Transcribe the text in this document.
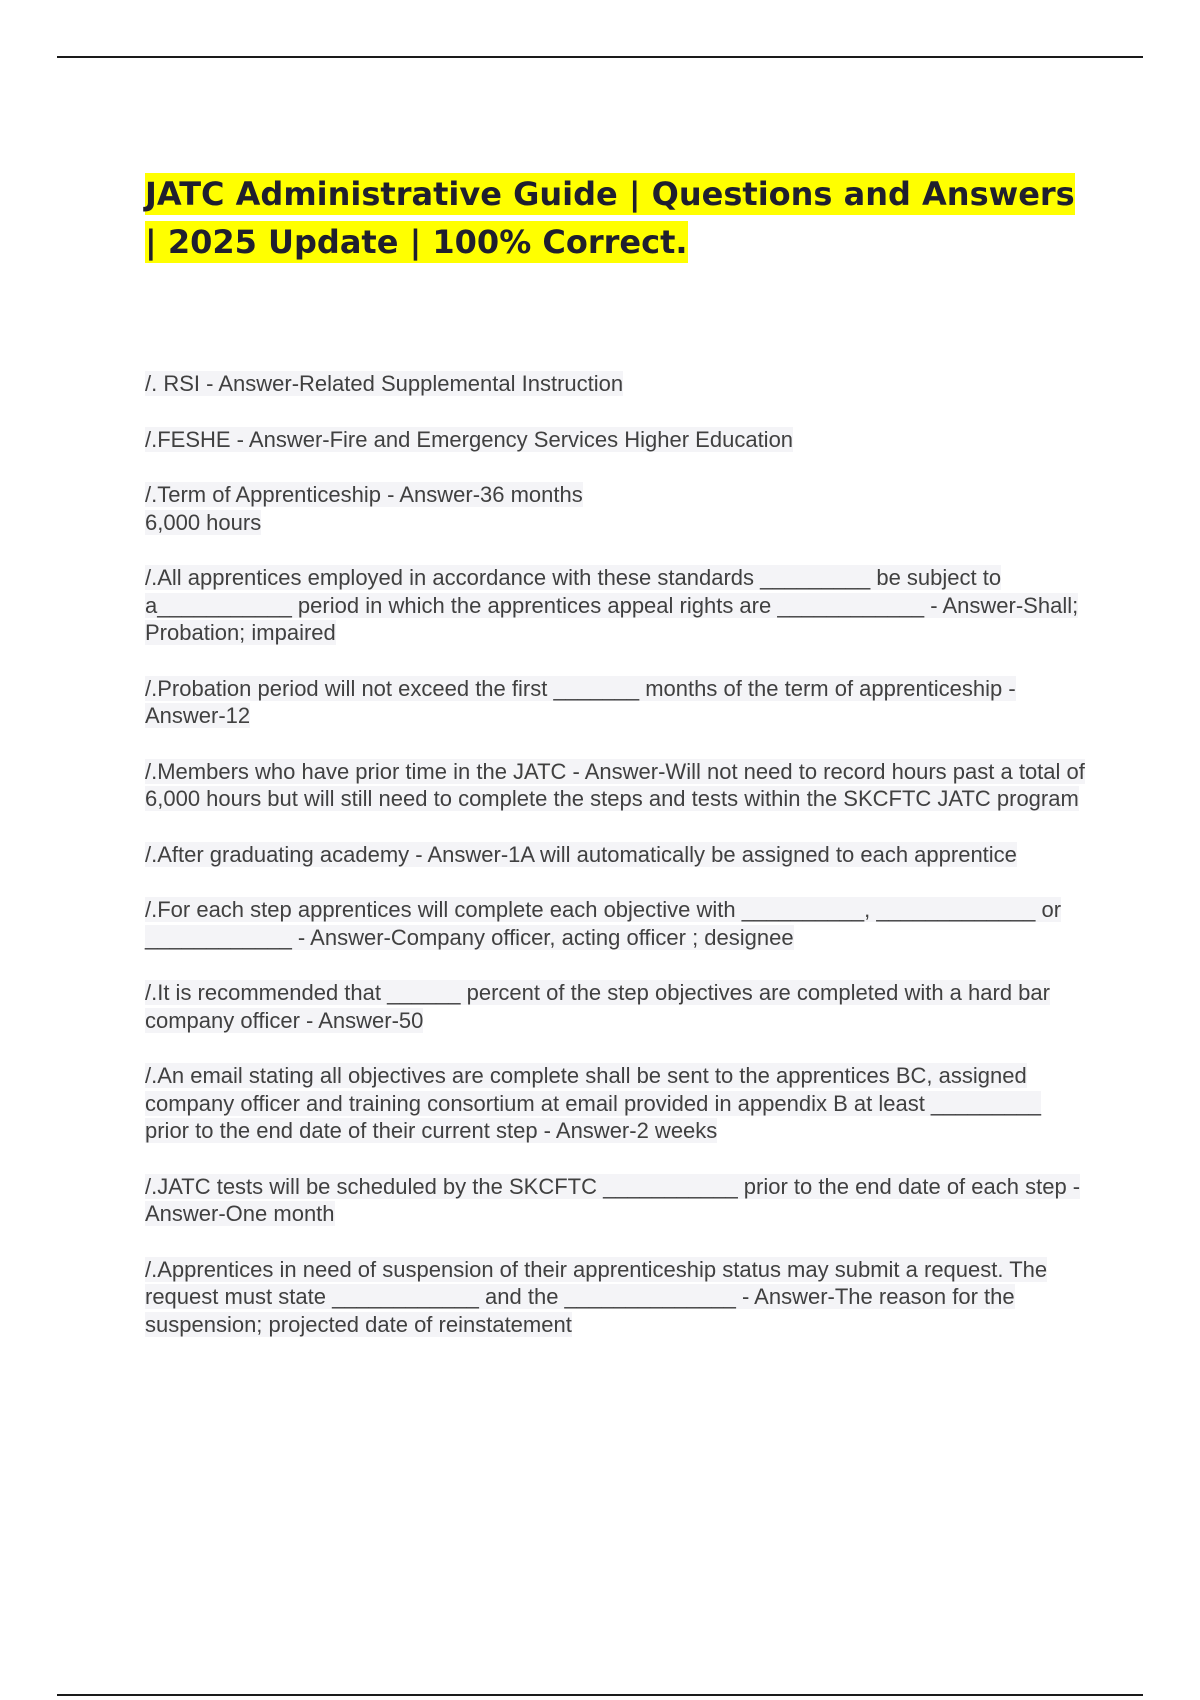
JATC Administrative Guide | Questions and Answers | 2025 Update | 100% Correct.
/. RSI - Answer-Related Supplemental Instruction
/.FESHE - Answer-Fire and Emergency Services Higher Education
/.Term of Apprenticeship - Answer-36 months
6,000 hours
/.All apprentices employed in accordance with these standards _________ be subject to a___________ period in which the apprentices appeal rights are ____________ - Answer-Shall; Probation; impaired
/.Probation period will not exceed the first _______ months of the term of apprenticeship - Answer-12
/.Members who have prior time in the JATC - Answer-Will not need to record hours past a total of 6,000 hours but will still need to complete the steps and tests within the SKCFTC JATC program
/.After graduating academy - Answer-1A will automatically be assigned to each apprentice
/.For each step apprentices will complete each objective with __________, _____________ or ____________ - Answer-Company officer, acting officer ; designee
/.It is recommended that ______ percent of the step objectives are completed with a hard bar company officer - Answer-50
/.An email stating all objectives are complete shall be sent to the apprentices BC, assigned company officer and training consortium at email provided in appendix B at least _________ prior to the end date of their current step - Answer-2 weeks
/.JATC tests will be scheduled by the SKCFTC ___________ prior to the end date of each step - Answer-One month
/.Apprentices in need of suspension of their apprenticeship status may submit a request. The request must state ____________ and the ______________ - Answer-The reason for the suspension; projected date of reinstatement
